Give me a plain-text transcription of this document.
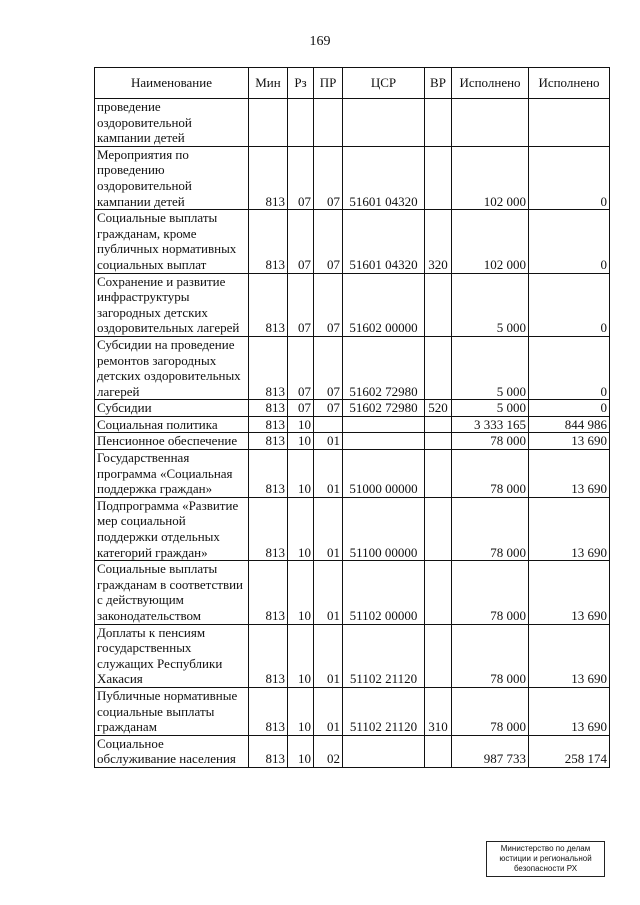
169
Наименование	Мин	Рз	ПР	ЦСР	ВР	Исполнено	Исполнено
проведение оздоровительной кампании детей							
Мероприятия по проведению оздоровительной кампании детей	813	07	07	51601 04320		102 000	0
Социальные выплаты гражданам, кроме публичных нормативных социальных выплат	813	07	07	51601 04320	320	102 000	0
Сохранение и развитие инфраструктуры загородных детских оздоровительных лагерей	813	07	07	51602 00000		5 000	0
Субсидии на проведение ремонтов загородных детских оздоровительных лагерей	813	07	07	51602 72980		5 000	0
Субсидии	813	07	07	51602 72980	520	5 000	0
Социальная политика	813	10				3 333 165	844 986
Пенсионное обеспечение	813	10	01			78 000	13 690
Государственная программа «Социальная поддержка граждан»	813	10	01	51000 00000		78 000	13 690
Подпрограмма «Развитие мер социальной поддержки отдельных категорий граждан»	813	10	01	51100 00000		78 000	13 690
Социальные выплаты гражданам в соответствии с действующим законодательством	813	10	01	51102 00000		78 000	13 690
Доплаты к пенсиям государственных служащих Республики Хакасия	813	10	01	51102 21120		78 000	13 690
Публичные нормативные социальные выплаты гражданам	813	10	01	51102 21120	310	78 000	13 690
Социальное обслуживание населения	813	10	02			987 733	258 174
Министерство по делам
юстиции и региональной
безопасности РХ
